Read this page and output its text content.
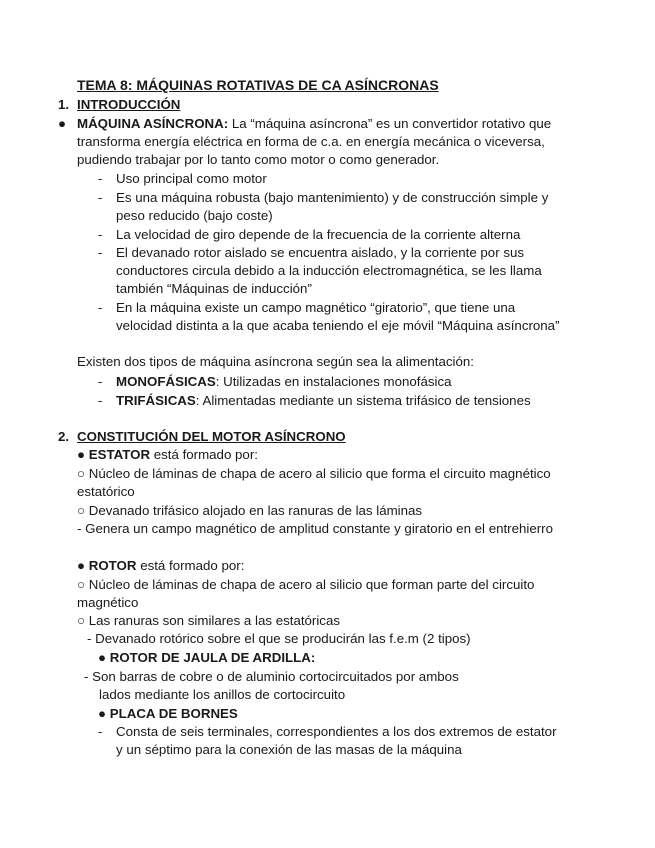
TEMA 8: MÁQUINAS ROTATIVAS DE CA ASÍNCRONAS
1. INTRODUCCIÓN
● MÁQUINA ASÍNCRONA: La “máquina asíncrona” es un convertidor rotativo que
transforma energía eléctrica en forma de c.a. en energía mecánica o viceversa,
pudiendo trabajar por lo tanto como motor o como generador.
- Uso principal como motor
- Es una máquina robusta (bajo mantenimiento) y de construcción simple y
peso reducido (bajo coste)
- La velocidad de giro depende de la frecuencia de la corriente alterna
- El devanado rotor aislado se encuentra aislado, y la corriente por sus
conductores circula debido a la inducción electromagnética, se les llama
también “Máquinas de inducción”
- En la máquina existe un campo magnético “giratorio”, que tiene una
velocidad distinta a la que acaba teniendo el eje móvil “Máquina asíncrona”
Existen dos tipos de máquina asíncrona según sea la alimentación:
- MONOFÁSICAS: Utilizadas en instalaciones monofásica
- TRIFÁSICAS: Alimentadas mediante un sistema trifásico de tensiones
2. CONSTITUCIÓN DEL MOTOR ASÍNCRONO
● ESTATOR está formado por:
○ Núcleo de láminas de chapa de acero al silicio que forma el circuito magnético
estatórico
○ Devanado trifásico alojado en las ranuras de las láminas
- Genera un campo magnético de amplitud constante y giratorio en el entrehierro
● ROTOR está formado por:
○ Núcleo de láminas de chapa de acero al silicio que forman parte del circuito
magnético
○ Las ranuras son similares a las estatóricas
- Devanado rotórico sobre el que se producirán las f.e.m (2 tipos)
● ROTOR DE JAULA DE ARDILLA:
- Son barras de cobre o de aluminio cortocircuitados por ambos
lados mediante los anillos de cortocircuito
● PLACA DE BORNES
- Consta de seis terminales, correspondientes a los dos extremos de estator
y un séptimo para la conexión de las masas de la máquina
